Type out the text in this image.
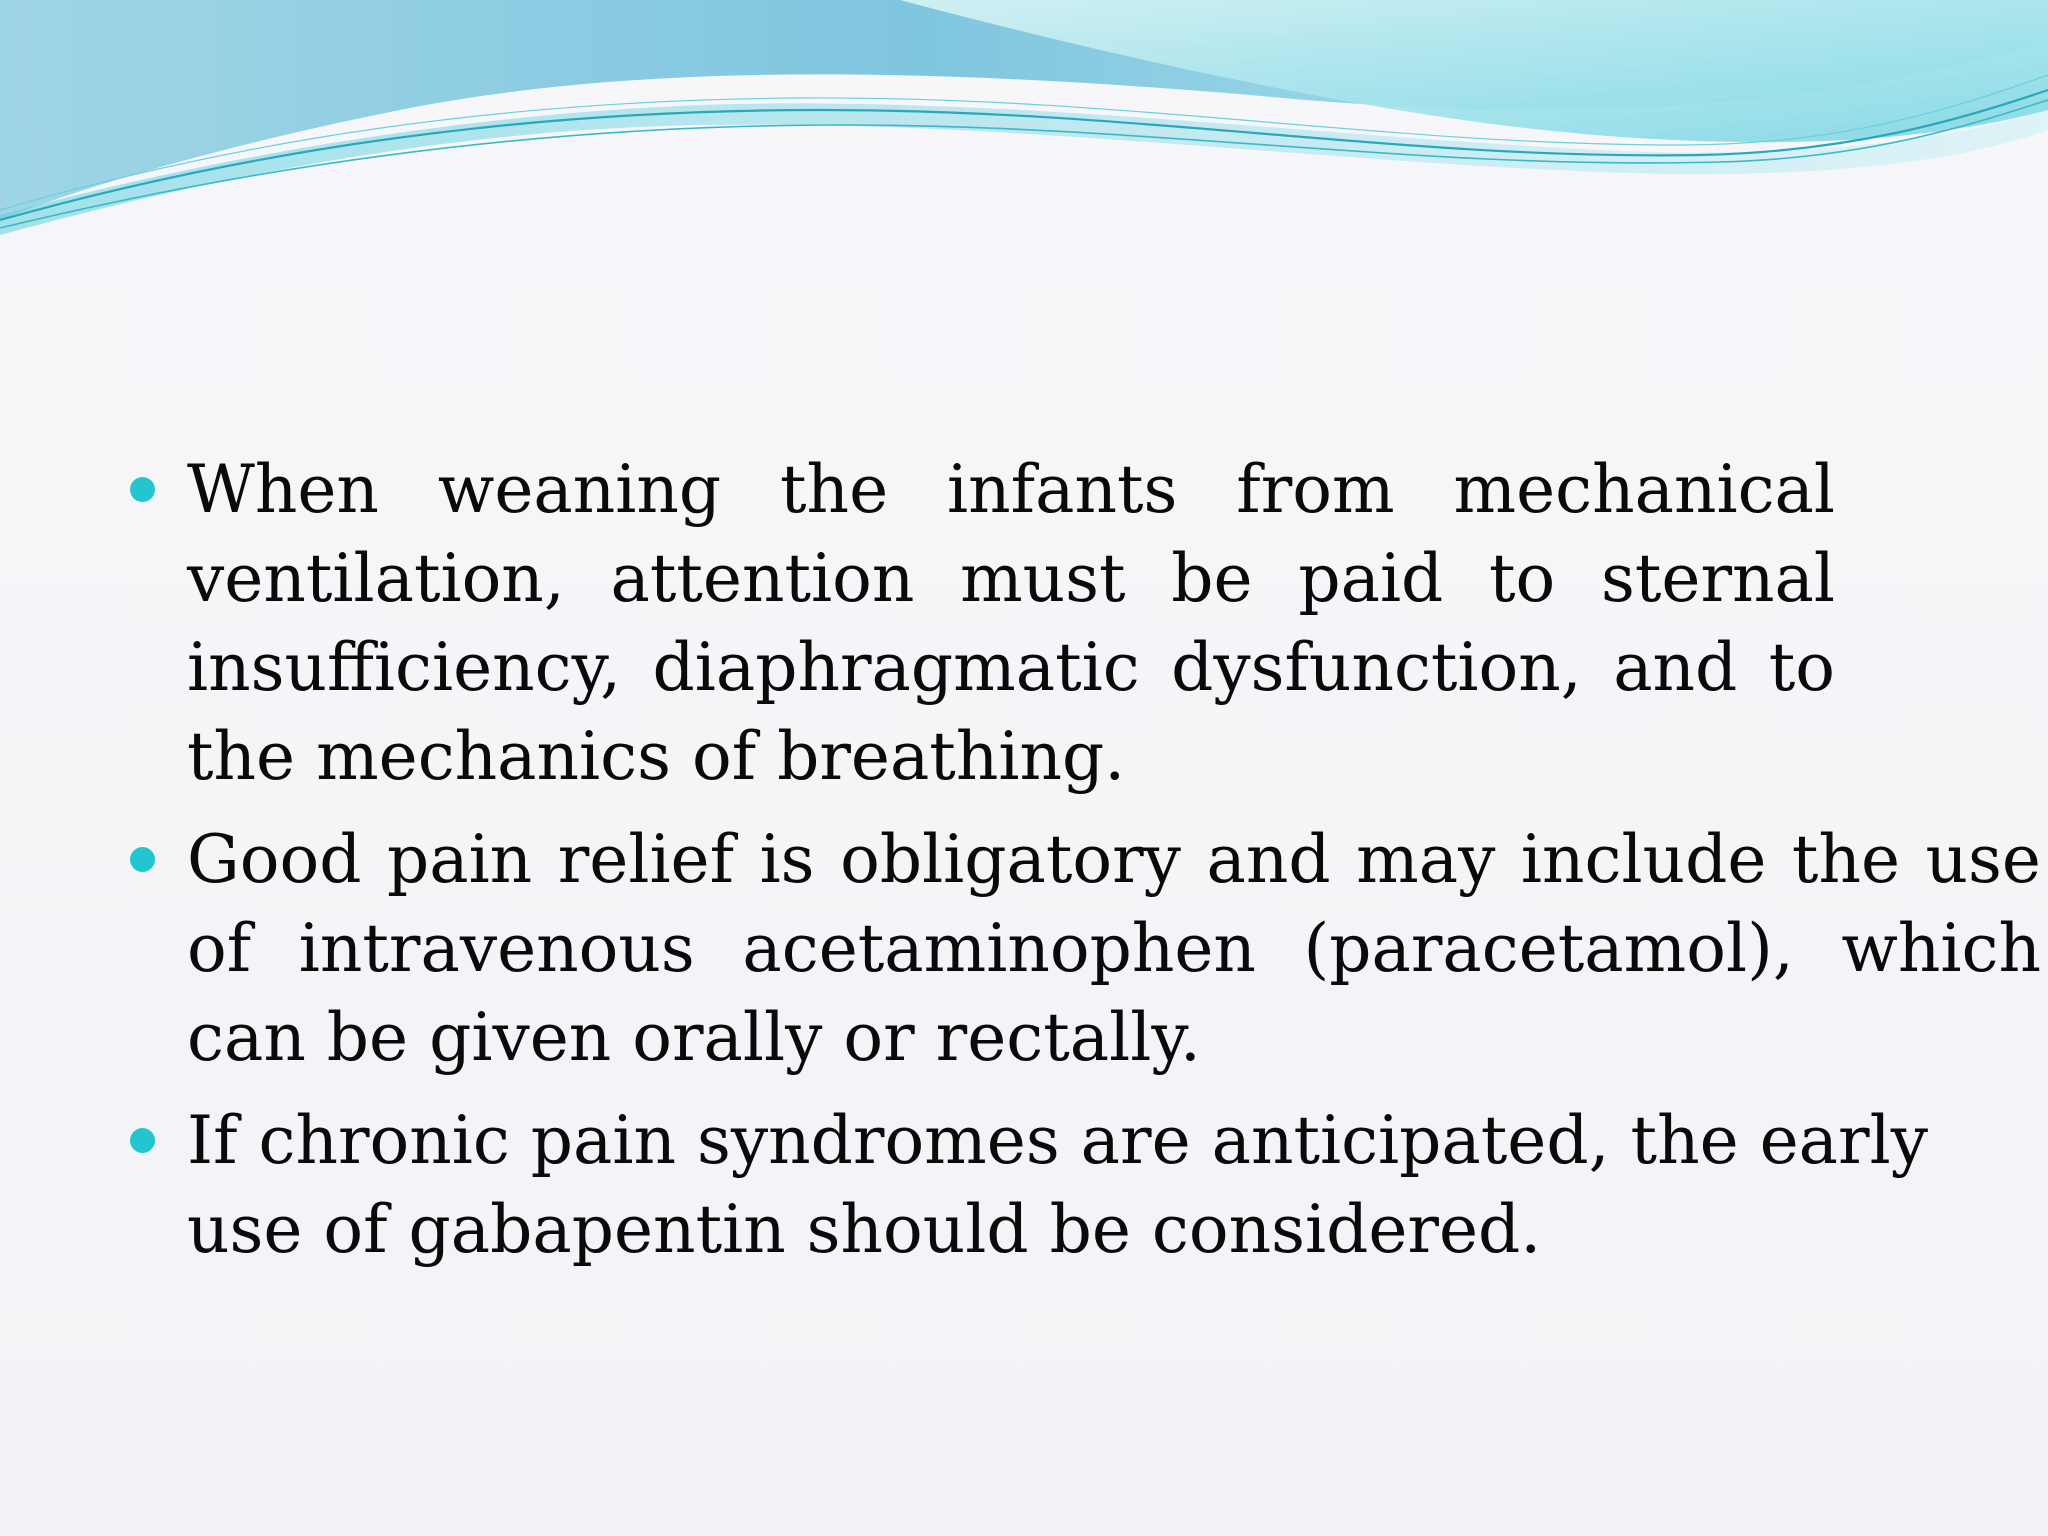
When weaning the infants from mechanical ventilation, attention must be paid to sternal insufficiency, diaphragmatic dysfunction, and to the mechanics of breathing.
Good pain relief is obligatory and may include the use of intravenous acetaminophen (paracetamol), which can be given orally or rectally.
If chronic pain syndromes are anticipated, the early use of gabapentin should be considered.
